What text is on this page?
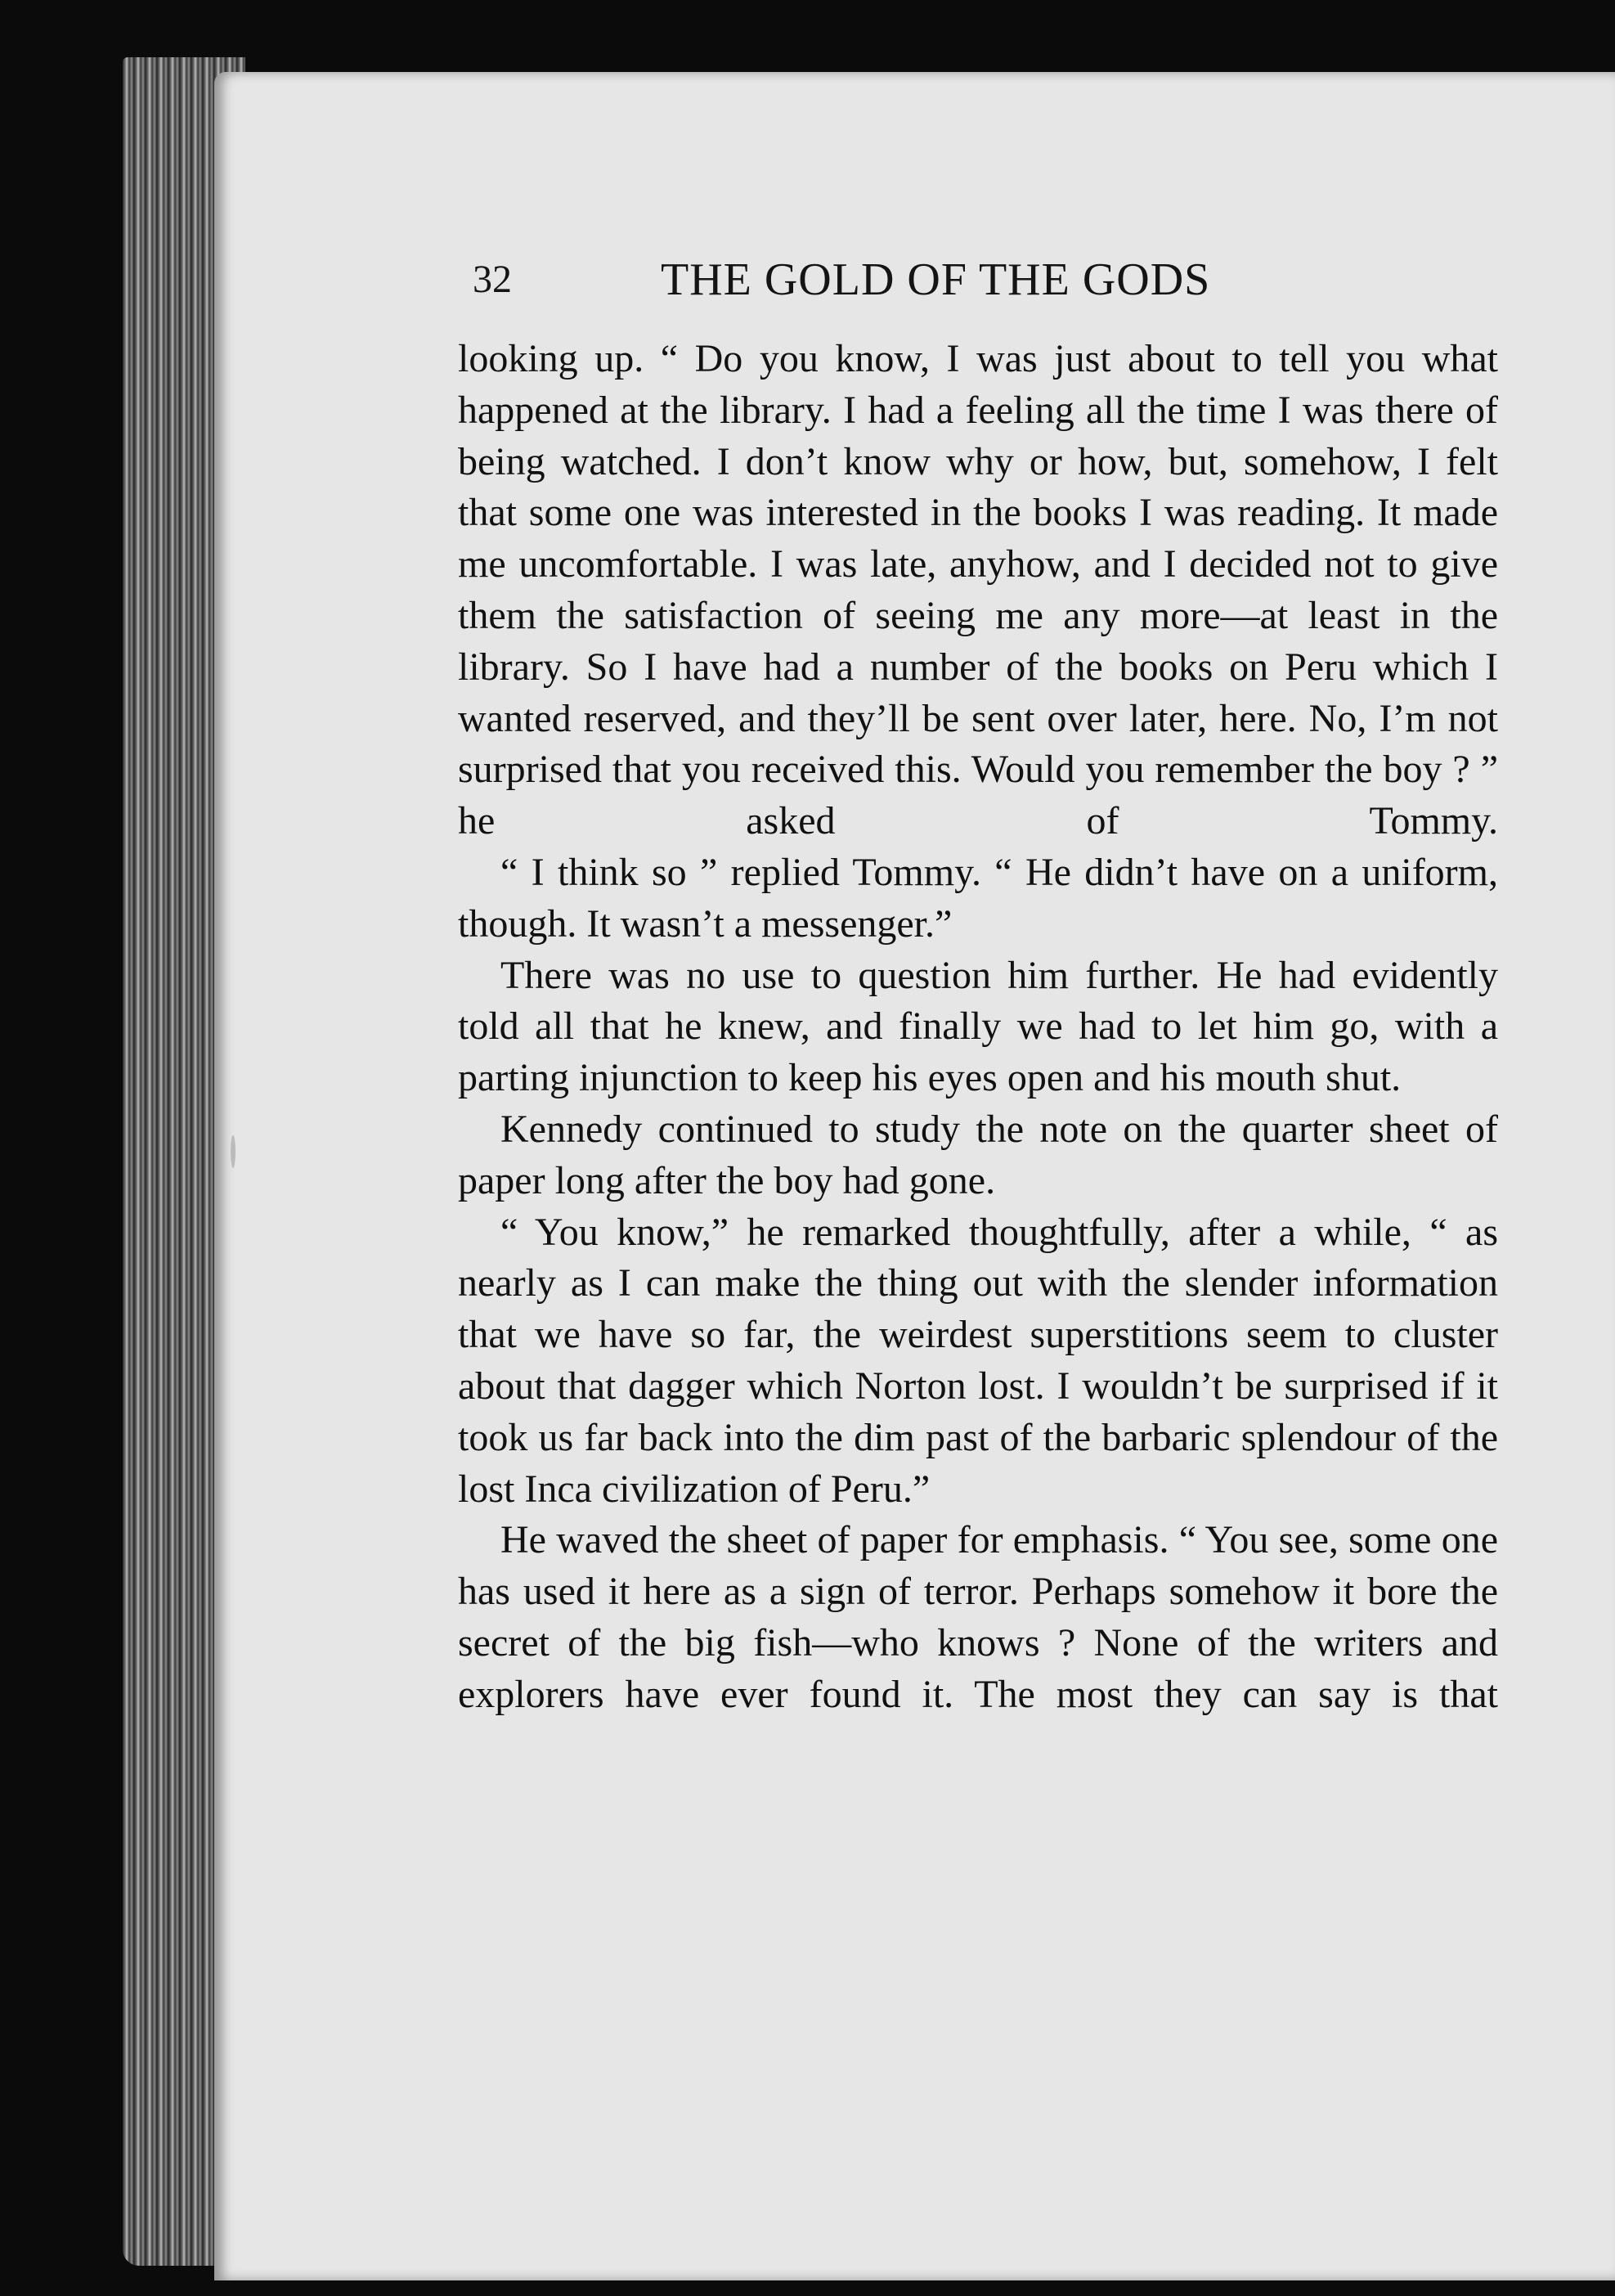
32	THE GOLD OF THE GODS

looking up. “ Do you know, I was just about to tell you what happened at the library. I had a feeling all the time I was there of being watched. I don’t know why or how, but, somehow, I felt that some one was interested in the books I was reading. It made me uncomfortable. I was late, anyhow, and I decided not to give them the satisfaction of seeing me any more—at least in the library. So I have had a number of the books on Peru which I wanted reserved, and they’ll be sent over later, here. No, I’m not surprised that you received this. Would you remember the boy ? ” he asked of Tommy.

“ I think so ” replied Tommy. “ He didn’t have on a uniform, though. It wasn’t a messenger.”

There was no use to question him further. He had evidently told all that he knew, and finally we had to let him go, with a parting injunction to keep his eyes open and his mouth shut.

Kennedy continued to study the note on the quarter sheet of paper long after the boy had gone.

“ You know,” he remarked thoughtfully, after a while, “ as nearly as I can make the thing out with the slender information that we have so far, the weirdest superstitions seem to cluster about that dagger which Norton lost. I wouldn’t be surprised if it took us far back into the dim past of the barbaric splendour of the lost Inca civilization of Peru.”

He waved the sheet of paper for emphasis. “ You see, some one has used it here as a sign of terror. Perhaps somehow it bore the secret of the big fish—who knows ? None of the writers and explorers have ever found it. The most they can say is that
